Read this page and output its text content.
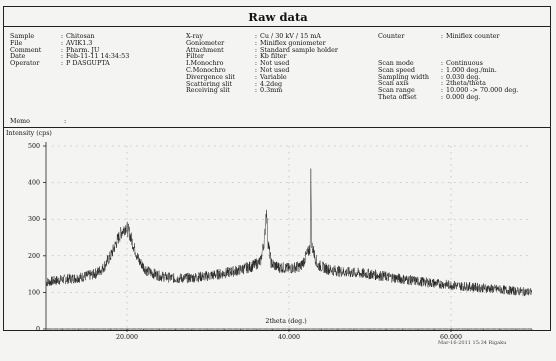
Raw data
Sample	: Chitosan
File	: AVIK1.3
Comment	: Pharm. JU
Date	: Feb-11-11 14:34:53
Operator	: P DASGUPTA
X-ray	: Cu / 30 kV / 15 mA
Goniometer	: Miniflex goniometer
Attachment	: Standard sample holder
Filter	: Kb filter
I.Monochro	: Not used
C.Monochro	: Not used
Divergence slit	: Variable
Scattering slit	: 4.2deg
Receiving slit	: 0.3mm
Counter	: Miniflex counter
Scan mode	: Continuous
Scan speed	: 1.000 deg./min.
Sampling width : 0.030 deg.
Scan axis	: 2theta/theta
Scan range	: 10.000 -> 70.000 deg.
Theta offset	: 0.000 deg.
Memo	:
Intensity (cps)
0
100
200
300
400
500
20.000	40.000	60.000
2theta (deg.)
Mar-16-2011 15:34 Rigaku
